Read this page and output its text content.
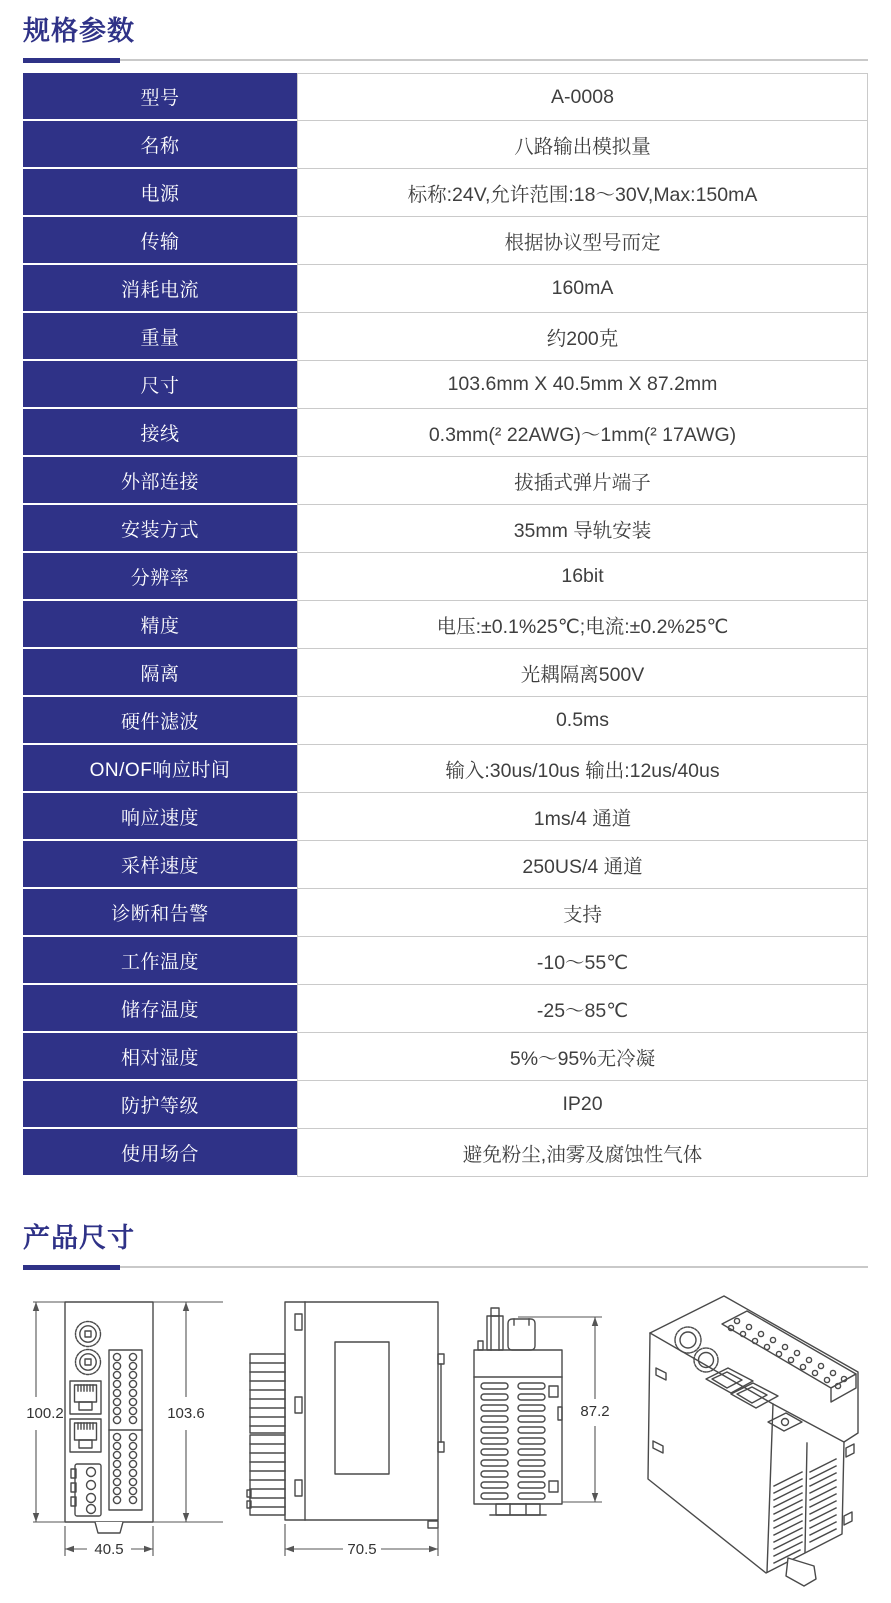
规格参数
型号	A-0008
名称	八路输出模拟量
电源	标称:24V,允许范围:18～30V,Max:150mA
传输	根据协议型号而定
消耗电流	160mA
重量	约200克
尺寸	103.6mm X 40.5mm X 87.2mm
接线	0.3mm(² 22AWG)～1mm(² 17AWG)
外部连接	拔插式弹片端子
安装方式	35mm 导轨安装
分辨率	16bit
精度	电压:±0.1%25℃;电流:±0.2%25℃
隔离	光耦隔离500V
硬件滤波	0.5ms
ON/OF响应时间	输入:30us/10us 输出:12us/40us
响应速度	1ms/4 通道
采样速度	250US/4 通道
诊断和告警	支持
工作温度	-10～55℃
储存温度	-25～85℃
相对湿度	5%～95%无冷凝
防护等级	IP20
使用场合	避免粉尘,油雾及腐蚀性气体
产品尺寸
100.2	103.6
40.5	70.5
87.2
